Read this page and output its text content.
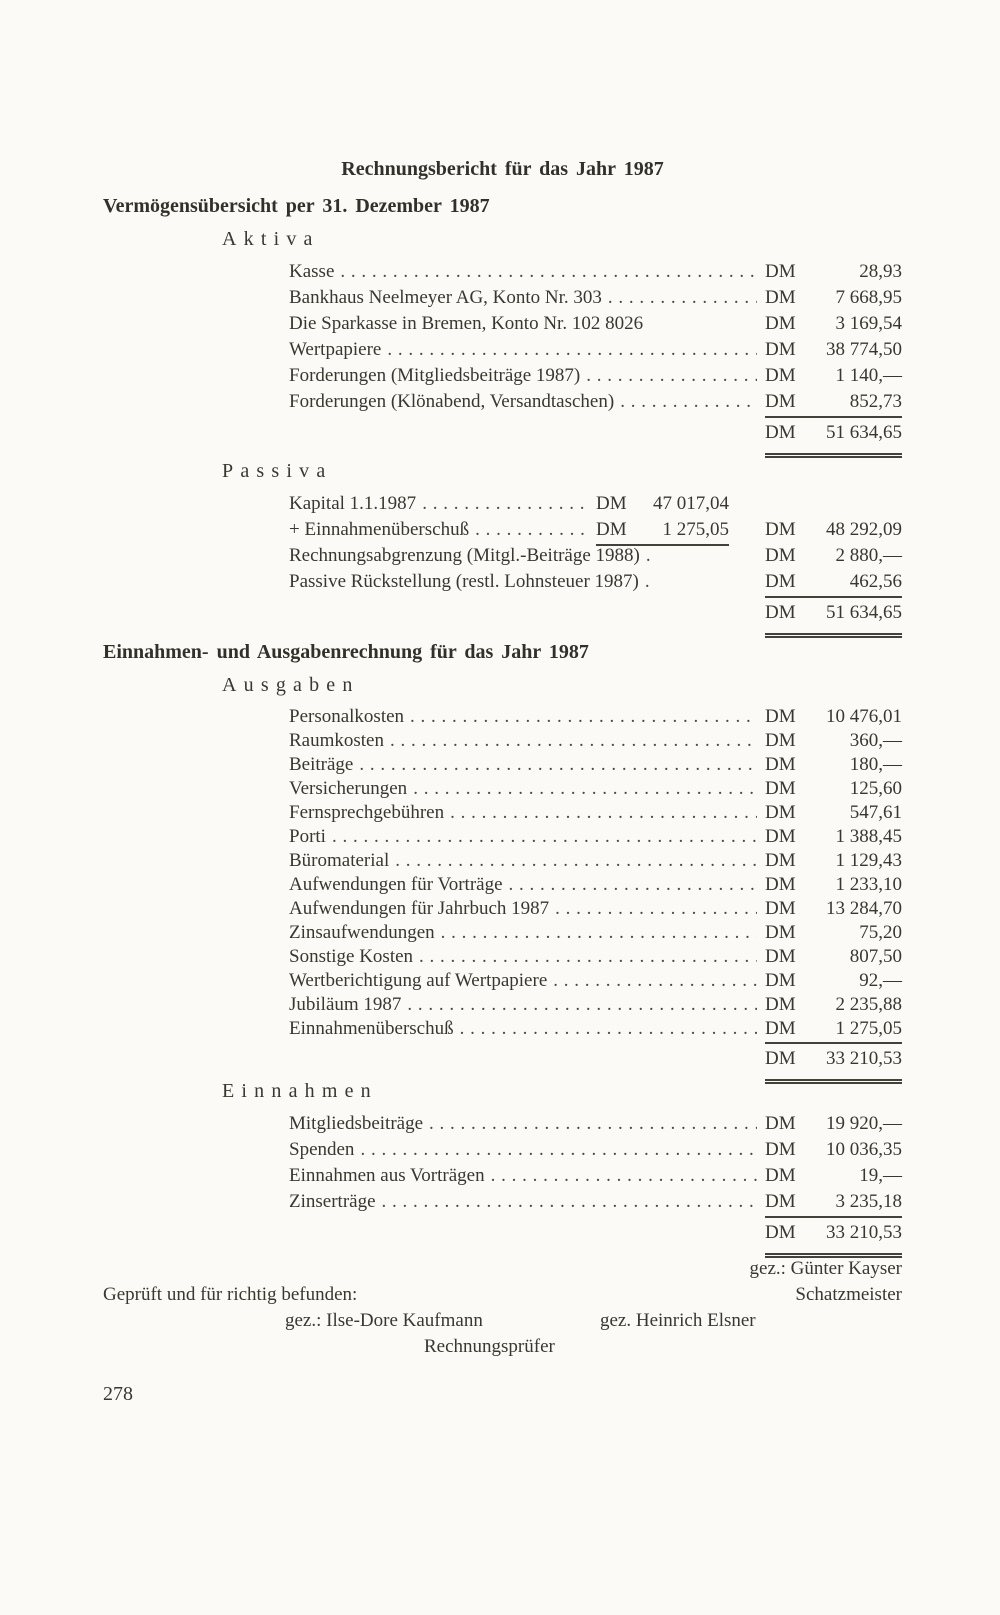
Rechnungsbericht für das Jahr 1987
Vermögensübersicht per 31. Dezember 1987
Aktiva
Kasse . . .	DM	28,93
Bankhaus Neelmeyer AG, Konto Nr. 303 . . .	DM	7 668,95
Die Sparkasse in Bremen, Konto Nr. 102 8026	DM	3 169,54
Wertpapiere . . .	DM	38 774,50
Forderungen (Mitgliedsbeiträge 1987) . . .	DM	1 140,—
Forderungen (Klönabend, Versandtaschen) . . .	DM	852,73
DM	51 634,65
Passiva
Kapital 1.1.1987 . . .	DM	47 017,04
+ Einnahmenüberschuß . . .	DM	1 275,05 DM	48 292,09
Rechnungsabgrenzung (Mitgl.-Beiträge 1988) .	DM	2 880,—
Passive Rückstellung (restl. Lohnsteuer 1987) .	DM	462,56
DM	51 634,65
Einnahmen- und Ausgabenrechnung für das Jahr 1987
Ausgaben
Personalkosten . . .	DM	10 476,01
Raumkosten . . .	DM	360,—
Beiträge . . .	DM	180,—
Versicherungen . . .	DM	125,60
Fernsprechgebühren . . .	DM	547,61
Porti . . .	DM	1 388,45
Büromaterial . . .	DM	1 129,43
Aufwendungen für Vorträge . . .	DM	1 233,10
Aufwendungen für Jahrbuch 1987 . . .	DM	13 284,70
Zinsaufwendungen . . .	DM	75,20
Sonstige Kosten . . .	DM	807,50
Wertberichtigung auf Wertpapiere . . .	DM	92,—
Jubiläum 1987 . . .	DM	2 235,88
Einnahmenüberschuß . . .	DM	1 275,05
DM	33 210,53
Einnahmen
Mitgliedsbeiträge . . .	DM	19 920,—
Spenden . . .	DM	10 036,35
Einnahmen aus Vorträgen . . .	DM	19,—
Zinserträge . . .	DM	3 235,18
DM	33 210,53
gez.: Günter Kayser
Geprüft und für richtig befunden:	Schatzmeister
gez.: Ilse-Dore Kaufmann	gez. Heinrich Elsner
Rechnungsprüfer
278
